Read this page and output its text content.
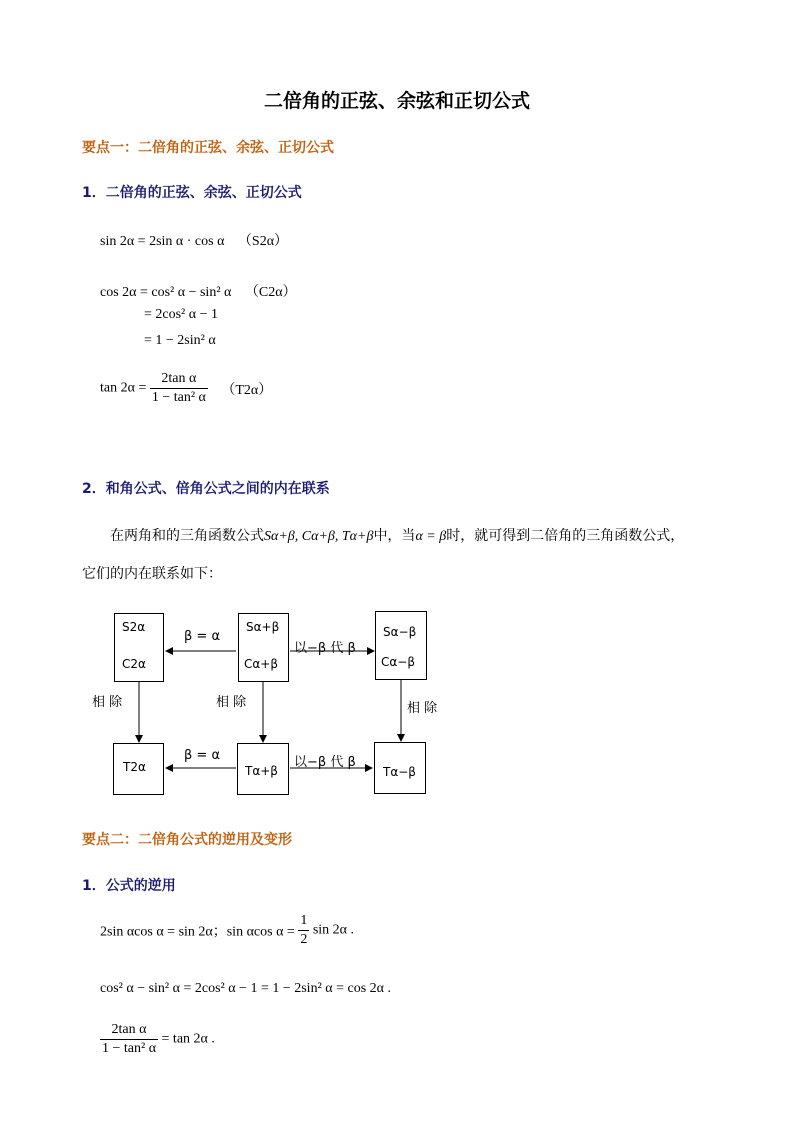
二倍角的正弦、余弦和正切公式
要点一：二倍角的正弦、余弦、正切公式
1．二倍角的正弦、余弦、正切公式
sin 2α = 2sin α · cos α （S2α）
cos 2α = cos² α − sin² α （C2α）
= 2cos² α − 1
= 1 − 2sin² α
$\tan 2\alpha = \frac{\text{2tan α}}{\text{1 − tan² α}} (T2\alpha)$
2．和角公式、倍角公式之间的内在联系
在两角和的三角函数公式Sα+β, Cα+β, Tα+β中，当α = β时，就可得到二倍角的三角函数公式，
它们的内在联系如下：
S2α
C2α
Sα+β
Cα+β
Sα−β
Cα−β
T2α	Tα+β	Tα−β
β = α
以−β 代 β
β = α	以−β 代 β
相 除	相 除	相 除
要点二：二倍角公式的逆用及变形
1．公式的逆用
2sin αcos α = sin 2α；sin αcos $\alpha = \frac{1}{2}$ sin 2α .
cos² α − sin² α = 2cos² α − 1 = 1 − 2sin² α = cos 2α .
$\frac{\text{2tan α}}{\text{1 − tan² α}} = \tan 2\alpha$ .
